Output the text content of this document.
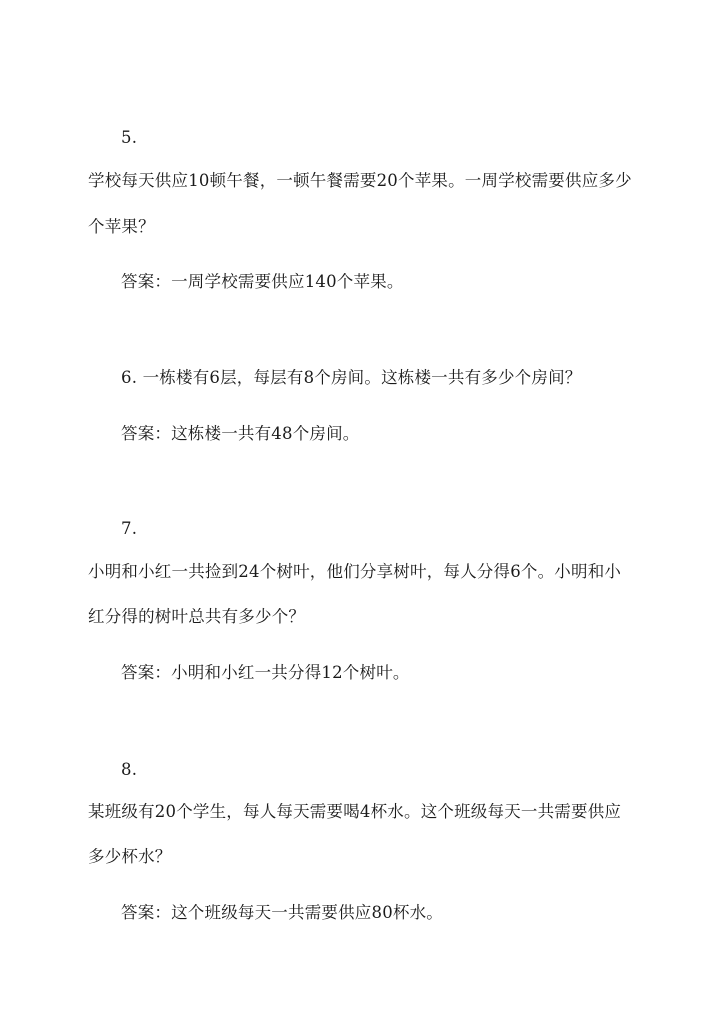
5.
学校每天供应10顿午餐，一顿午餐需要20个苹果。一周学校需要供应多少
个苹果？
答案：一周学校需要供应140个苹果。
6. 一栋楼有6层，每层有8个房间。这栋楼一共有多少个房间？
答案：这栋楼一共有48个房间。
7.
小明和小红一共捡到24个树叶，他们分享树叶，每人分得6个。小明和小
红分得的树叶总共有多少个？
答案：小明和小红一共分得12个树叶。
8.
某班级有20个学生，每人每天需要喝4杯水。这个班级每天一共需要供应
多少杯水？
答案：这个班级每天一共需要供应80杯水。
